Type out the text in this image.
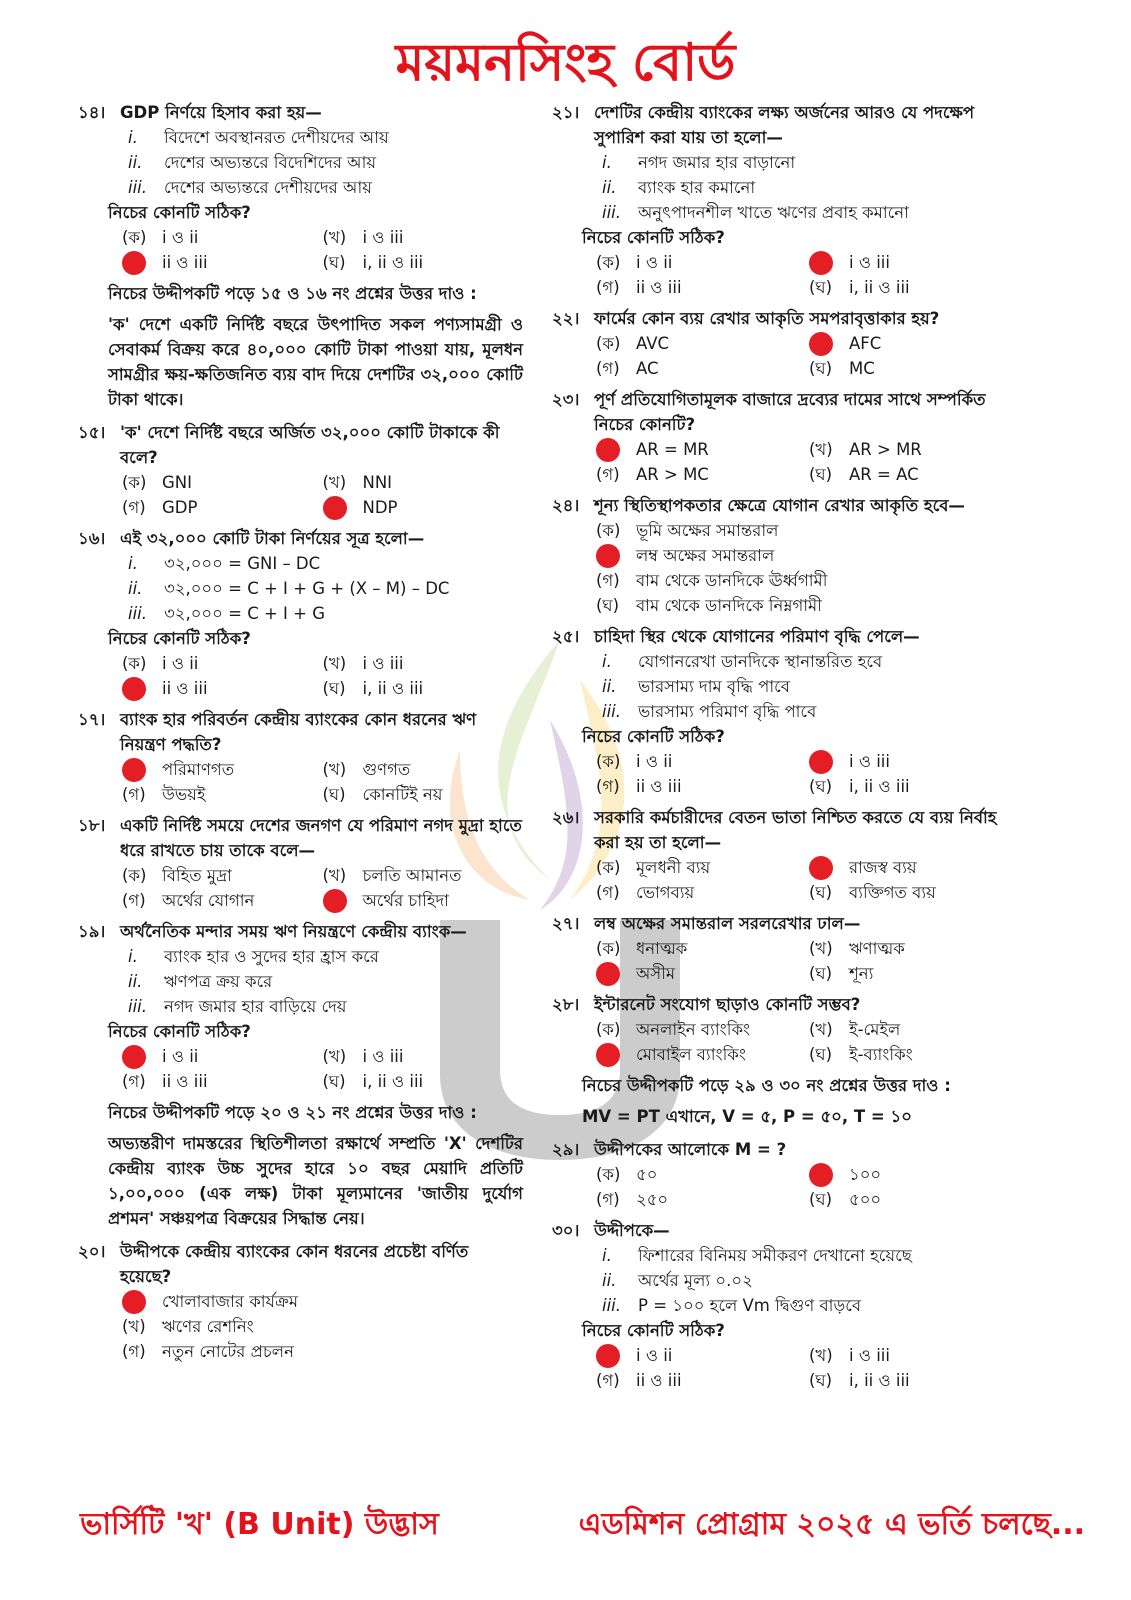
ময়মনসিংহ বোর্ড
১৪। GDP নির্ণয়ে হিসাব করা হয়—
i.	বিদেশে অবস্থানরত দেশীয়দের আয়
ii.	দেশের অভ্যন্তরে বিদেশিদের আয়
iii.	দেশের অভ্যন্তরে দেশীয়দের আয়
নিচের কোনটি সঠিক?
(ক) i ও ii	(খ) i ও iii
ii ও iii	(ঘ)	i, ii ও iii
নিচের উদ্দীপকটি পড়ে ১৫ ও ১৬ নং প্রশ্নের উত্তর দাও :
'ক' দেশে একটি নির্দিষ্ট বছরে উৎপাদিত সকল পণ্যসামগ্রী ও সেবাকর্ম বিক্রয় করে ৪০,০০০ কোটি টাকা পাওয়া যায়, মূলধন সামগ্রীর ক্ষয়-ক্ষতিজনিত ব্যয় বাদ দিয়ে দেশটির ৩২,০০০ কোটি টাকা থাকে।
১৫। 'ক' দেশে নির্দিষ্ট বছরে অর্জিত ৩২,০০০ কোটি টাকাকে কী বলে?
(ক) GNI	(খ) NNI
(গ) GDP	NDP
১৬। এই ৩২,০০০ কোটি টাকা নির্ণয়ের সূত্র হলো—
i.	৩২,০০০ = GNI – DC
ii.	৩২,০০০ = C + I + G + (X – M) – DC
iii.	৩২,০০০ = C + I + G
নিচের কোনটি সঠিক?
(ক) i ও ii	(খ) i ও iii
ii ও iii	(ঘ)	i, ii ও iii
১৭। ব্যাংক হার পরিবর্তন কেন্দ্রীয় ব্যাংকের কোন ধরনের ঋণ নিয়ন্ত্রণ পদ্ধতি?
পরিমাণগত	(খ) গুণগত
(গ) উভয়ই	(ঘ)	কোনটিই নয়
১৮। একটি নির্দিষ্ট সময়ে দেশের জনগণ যে পরিমাণ নগদ মুদ্রা হাতে ধরে রাখতে চায় তাকে বলে—
(ক) বিহিত মুদ্রা	(খ) চলতি আমানত
(গ) অর্থের যোগান	অর্থের চাহিদা
১৯। অর্থনৈতিক মন্দার সময় ঋণ নিয়ন্ত্রণে কেন্দ্রীয় ব্যাংক—
i.	ব্যাংক হার ও সুদের হার হ্রাস করে
ii.	ঋণপত্র ক্রয় করে
iii.	নগদ জমার হার বাড়িয়ে দেয়
নিচের কোনটি সঠিক?
i ও ii	(খ) i ও iii
(গ) ii ও iii	(ঘ)	i, ii ও iii
নিচের উদ্দীপকটি পড়ে ২০ ও ২১ নং প্রশ্নের উত্তর দাও :
অভ্যন্তরীণ দামস্তরের স্থিতিশীলতা রক্ষার্থে সম্প্রতি 'X' দেশটির কেন্দ্রীয় ব্যাংক উচ্চ সুদের হারে ১০ বছর মেয়াদি প্রতিটি ১,০০,০০০ (এক লক্ষ) টাকা মূল্যমানের 'জাতীয় দুর্যোগ প্রশমন' সঞ্চয়পত্র বিক্রয়ের সিদ্ধান্ত নেয়।
২০। উদ্দীপকে কেন্দ্রীয় ব্যাংকের কোন ধরনের প্রচেষ্টা বর্ণিত হয়েছে?
খোলাবাজার কার্যক্রম
(খ) ঋণের রেশনিং
(গ) নতুন নোটের প্রচলন
২১। দেশটির কেন্দ্রীয় ব্যাংকের লক্ষ্য অর্জনের আরও যে পদক্ষেপ সুপারিশ করা যায় তা হলো—
i.	নগদ জমার হার বাড়ানো
ii.	ব্যাংক হার কমানো
iii.	অনুৎপাদনশীল খাতে ঋণের প্রবাহ কমানো
নিচের কোনটি সঠিক?
(ক) i ও ii	i ও iii
(গ) ii ও iii	(ঘ)	i, ii ও iii
২২। ফার্মের কোন ব্যয় রেখার আকৃতি সমপরাবৃত্তাকার হয়?
(ক) AVC	AFC
(গ) AC	(ঘ)	MC
২৩। পূর্ণ প্রতিযোগিতামূলক বাজারে দ্রব্যের দামের সাথে সম্পর্কিত নিচের কোনটি?
AR = MR	(খ) AR > MR
(গ) AR > MC	(ঘ)	AR = AC
২৪। শূন্য স্থিতিস্থাপকতার ক্ষেত্রে যোগান রেখার আকৃতি হবে—
(ক) ভূমি অক্ষের সমান্তরাল
লম্ব অক্ষের সমান্তরাল
(গ) বাম থেকে ডানদিকে ঊর্ধ্বগামী
(ঘ)	বাম থেকে ডানদিকে নিম্নগামী
২৫। চাহিদা স্থির থেকে যোগানের পরিমাণ বৃদ্ধি পেলে—
i.	যোগানরেখা ডানদিকে স্থানান্তরিত হবে
ii.	ভারসাম্য দাম বৃদ্ধি পাবে
iii.	ভারসাম্য পরিমাণ বৃদ্ধি পাবে
নিচের কোনটি সঠিক?
(ক) i ও ii	i ও iii
(গ) ii ও iii	(ঘ)	i, ii ও iii
২৬। সরকারি কর্মচারীদের বেতন ভাতা নিশ্চিত করতে যে ব্যয় নির্বাহ করা হয় তা হলো—
(ক) মূলধনী ব্যয়	রাজস্ব ব্যয়
(গ) ভোগব্যয়	(ঘ)	ব্যক্তিগত ব্যয়
২৭। লম্ব অক্ষের সমান্তরাল সরলরেখার ঢাল—
(ক) ধনাত্মক	(খ) ঋণাত্মক
অসীম	(ঘ)	শূন্য
২৮। ইন্টারনেট সংযোগ ছাড়াও কোনটি সম্ভব?
(ক) অনলাইন ব্যাংকিং	(খ) ই-মেইল
মোবাইল ব্যাংকিং	(ঘ)	ই-ব্যাংকিং
নিচের উদ্দীপকটি পড়ে ২৯ ও ৩০ নং প্রশ্নের উত্তর দাও :
MV = PT এখানে, V = ৫, P = ৫০, T = ১০
২৯। উদ্দীপকের আলোকে M = ?
(ক) ৫০	১০০
(গ) ২৫০	(ঘ)	৫০০
৩০। উদ্দীপকে—
i.	ফিশারের বিনিময় সমীকরণ দেখানো হয়েছে
ii.	অর্থের মূল্য ০.০২
iii.	P = ১০০ হলে Vm দ্বিগুণ বাড়বে
নিচের কোনটি সঠিক?
i ও ii	(খ) i ও iii
(গ) ii ও iii	(ঘ)	i, ii ও iii
ভার্সিটি 'খ' (B Unit) উদ্ভাস	এডমিশন প্রোগ্রাম ২০২৫ এ ভর্তি চলছে...
